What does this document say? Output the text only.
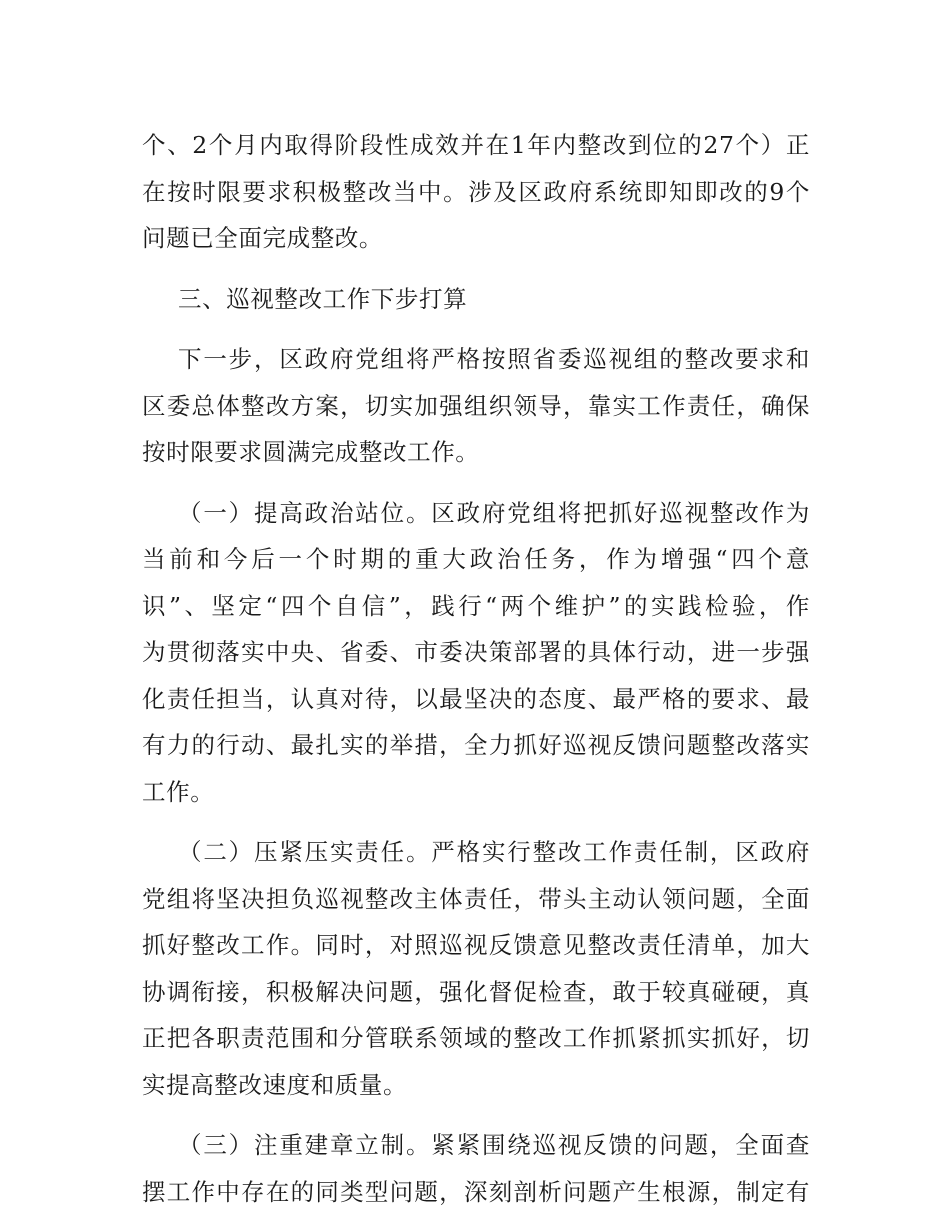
个、2个月内取得阶段性成效并在1年内整改到位的27个）正
在按时限要求积极整改当中。涉及区政府系统即知即改的9个
问题已全面完成整改。
三、巡视整改工作下步打算
下一步，区政府党组将严格按照省委巡视组的整改要求和
区委总体整改方案，切实加强组织领导，靠实工作责任，确保
按时限要求圆满完成整改工作。
（一）提高政治站位。区政府党组将把抓好巡视整改作为
当前和今后一个时期的重大政治任务，作为增强“四个意
识”、坚定“四个自信”，践行“两个维护”的实践检验，作
为贯彻落实中央、省委、市委决策部署的具体行动，进一步强
化责任担当，认真对待，以最坚决的态度、最严格的要求、最
有力的行动、最扎实的举措，全力抓好巡视反馈问题整改落实
工作。
（二）压紧压实责任。严格实行整改工作责任制，区政府
党组将坚决担负巡视整改主体责任，带头主动认领问题，全面
抓好整改工作。同时，对照巡视反馈意见整改责任清单，加大
协调衔接，积极解决问题，强化督促检查，敢于较真碰硬，真
正把各职责范围和分管联系领域的整改工作抓紧抓实抓好，切
实提高整改速度和质量。
（三）注重建章立制。紧紧围绕巡视反馈的问题，全面查
摆工作中存在的同类型问题，深刻剖析问题产生根源，制定有
